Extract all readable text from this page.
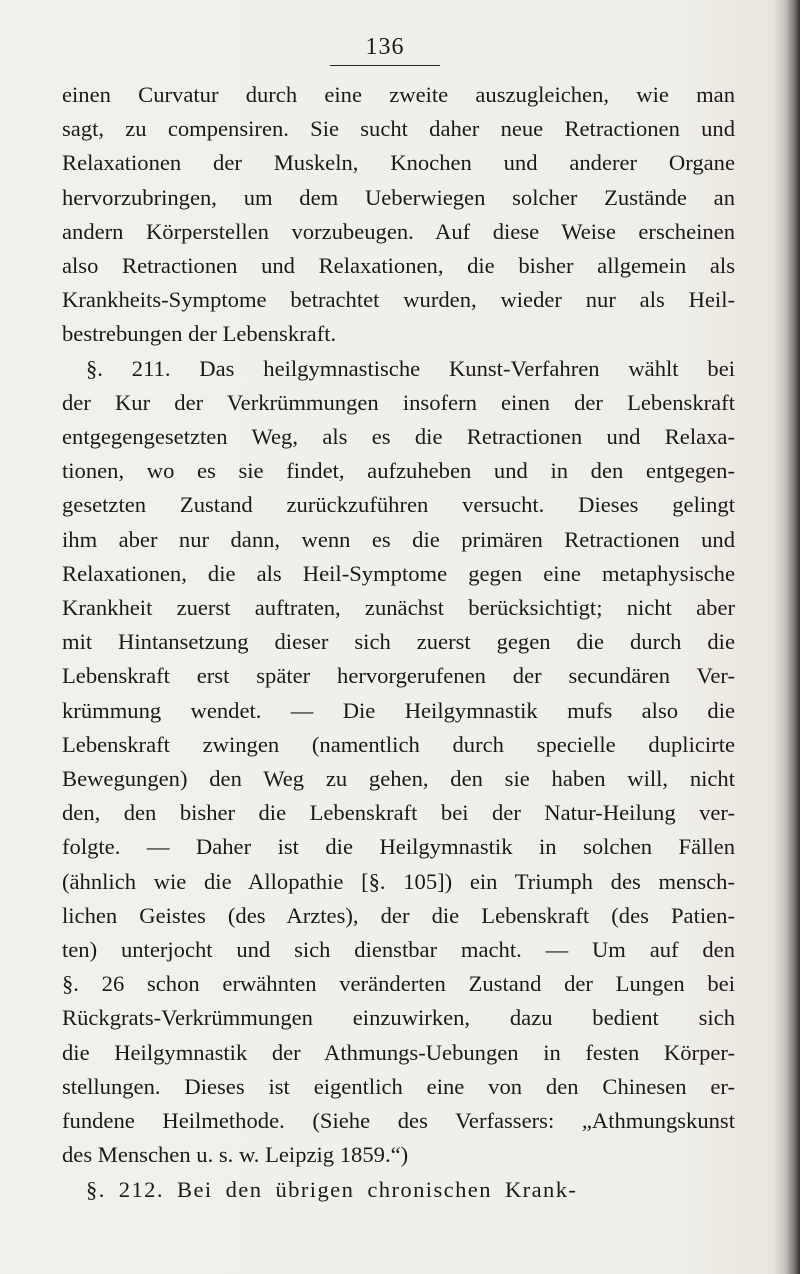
136
einen Curvatur durch eine zweite auszugleichen, wie man
sagt, zu compensiren. Sie sucht daher neue Retractionen und
Relaxationen der Muskeln, Knochen und anderer Organe
hervorzubringen, um dem Ueberwiegen solcher Zustände an
andern Körperstellen vorzubeugen. Auf diese Weise erscheinen
also Retractionen und Relaxationen, die bisher allgemein als
Krankheits-Symptome betrachtet wurden, wieder nur als Heil-
bestrebungen der Lebenskraft.
§. 211. Das heilgymnastische Kunst-Verfahren wählt bei
der Kur der Verkrümmungen insofern einen der Lebenskraft
entgegengesetzten Weg, als es die Retractionen und Relaxa-
tionen, wo es sie findet, aufzuheben und in den entgegen-
gesetzten Zustand zurückzuführen versucht. Dieses gelingt
ihm aber nur dann, wenn es die primären Retractionen und
Relaxationen, die als Heil-Symptome gegen eine metaphysische
Krankheit zuerst auftraten, zunächst berücksichtigt; nicht aber
mit Hintansetzung dieser sich zuerst gegen die durch die
Lebenskraft erst später hervorgerufenen der secundären Ver-
krümmung wendet. — Die Heilgymnastik mufs also die
Lebenskraft zwingen (namentlich durch specielle duplicirte
Bewegungen) den Weg zu gehen, den sie haben will, nicht
den, den bisher die Lebenskraft bei der Natur-Heilung ver-
folgte. — Daher ist die Heilgymnastik in solchen Fällen
(ähnlich wie die Allopathie [§. 105]) ein Triumph des mensch-
lichen Geistes (des Arztes), der die Lebenskraft (des Patien-
ten) unterjocht und sich dienstbar macht. — Um auf den
§. 26 schon erwähnten veränderten Zustand der Lungen bei
Rückgrats-Verkrümmungen einzuwirken, dazu bedient sich
die Heilgymnastik der Athmungs-Uebungen in festen Körper-
stellungen. Dieses ist eigentlich eine von den Chinesen er-
fundene Heilmethode. (Siehe des Verfassers: „Athmungskunst
des Menschen u. s. w. Leipzig 1859.“)
§. 212. Bei den übrigen chronischen Krank-
